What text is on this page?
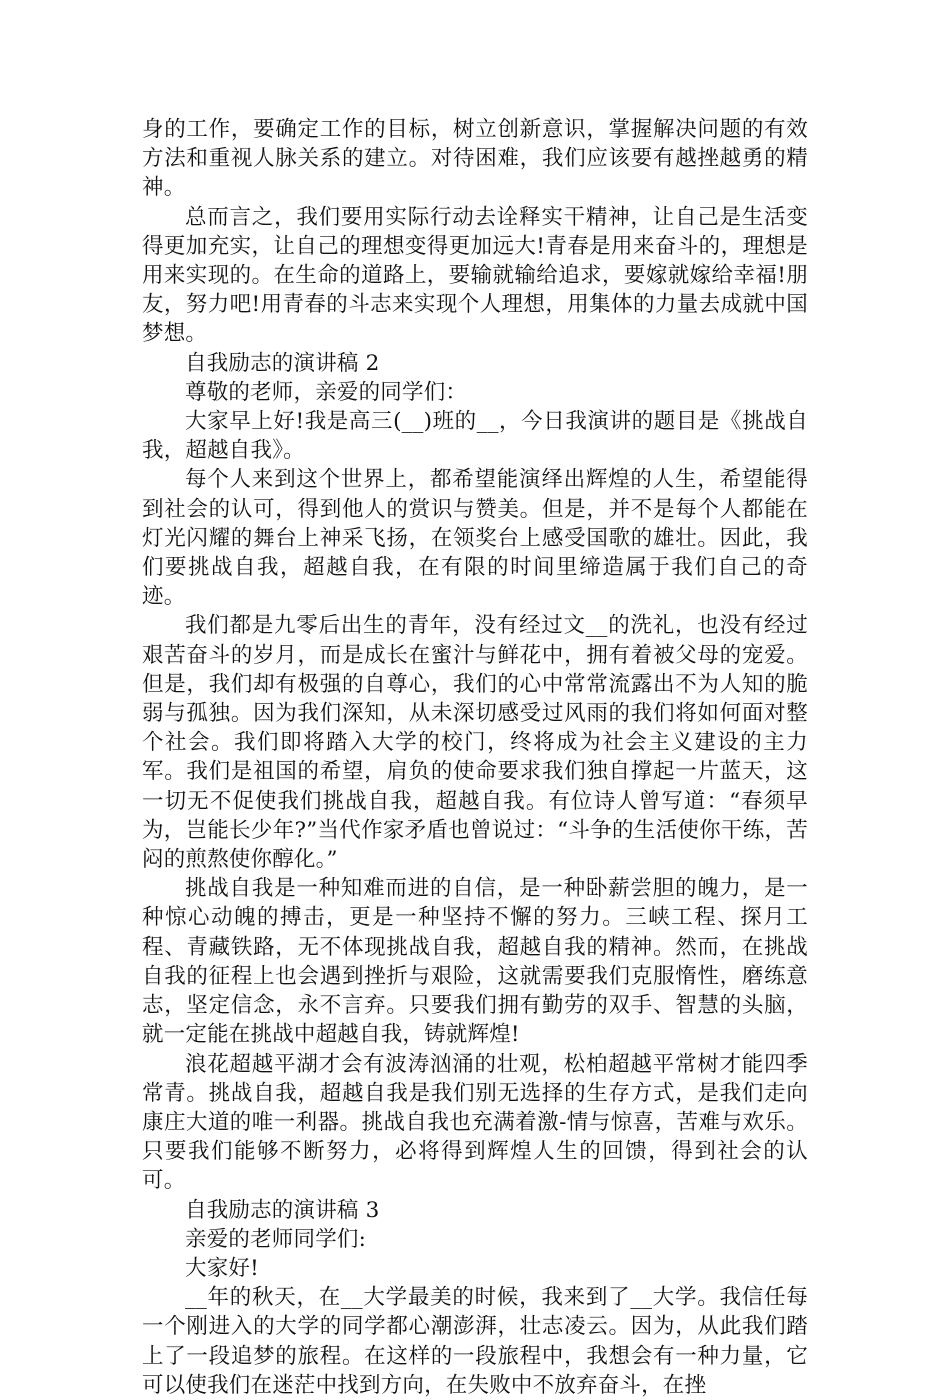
身的工作，要确定工作的目标，树立创新意识，掌握解决问题的有效方法和重视人脉关系的建立。对待困难，我们应该要有越挫越勇的精神。

总而言之，我们要用实际行动去诠释实干精神，让自己是生活变得更加充实，让自己的理想变得更加远大!青春是用来奋斗的，理想是用来实现的。在生命的道路上，要输就输给追求，要嫁就嫁给幸福!朋友，努力吧!用青春的斗志来实现个人理想，用集体的力量去成就中国梦想。

自我励志的演讲稿 2

尊敬的老师，亲爱的同学们：

大家早上好!我是高三(__)班的__，今日我演讲的题目是《挑战自我，超越自我》。

每个人来到这个世界上，都希望能演绎出辉煌的人生，希望能得到社会的认可，得到他人的赏识与赞美。但是，并不是每个人都能在灯光闪耀的舞台上神采飞扬，在领奖台上感受国歌的雄壮。因此，我们要挑战自我，超越自我，在有限的时间里缔造属于我们自己的奇迹。

我们都是九零后出生的青年，没有经过文__的洗礼，也没有经过艰苦奋斗的岁月，而是成长在蜜汁与鲜花中，拥有着被父母的宠爱。但是，我们却有极强的自尊心，我们的心中常常流露出不为人知的脆弱与孤独。因为我们深知，从未深切感受过风雨的我们将如何面对整个社会。我们即将踏入大学的校门，终将成为社会主义建设的主力军。我们是祖国的希望，肩负的使命要求我们独自撑起一片蓝天，这一切无不促使我们挑战自我，超越自我。有位诗人曾写道：“春须早为，岂能长少年?”当代作家矛盾也曾说过：“斗争的生活使你干练，苦闷的煎熬使你醇化。”

挑战自我是一种知难而进的自信，是一种卧薪尝胆的魄力，是一种惊心动魄的搏击，更是一种坚持不懈的努力。三峡工程、探月工程、青藏铁路，无不体现挑战自我，超越自我的精神。然而，在挑战自我的征程上也会遇到挫折与艰险，这就需要我们克服惰性，磨练意志，坚定信念，永不言弃。只要我们拥有勤劳的双手、智慧的头脑，就一定能在挑战中超越自我，铸就辉煌!

浪花超越平湖才会有波涛汹涌的壮观，松柏超越平常树才能四季常青。挑战自我，超越自我是我们别无选择的生存方式，是我们走向康庄大道的唯一利器。挑战自我也充满着激-情与惊喜，苦难与欢乐。只要我们能够不断努力，必将得到辉煌人生的回馈，得到社会的认可。

自我励志的演讲稿 3

亲爱的老师同学们:

大家好!

__年的秋天，在__大学最美的时候，我来到了__大学。我信任每一个刚进入的大学的同学都心潮澎湃，壮志凌云。因为，从此我们踏上了一段追梦的旅程。在这样的一段旅程中，我想会有一种力量，它可以使我们在迷茫中找到方向，在失败中不放弃奋斗，在挫
